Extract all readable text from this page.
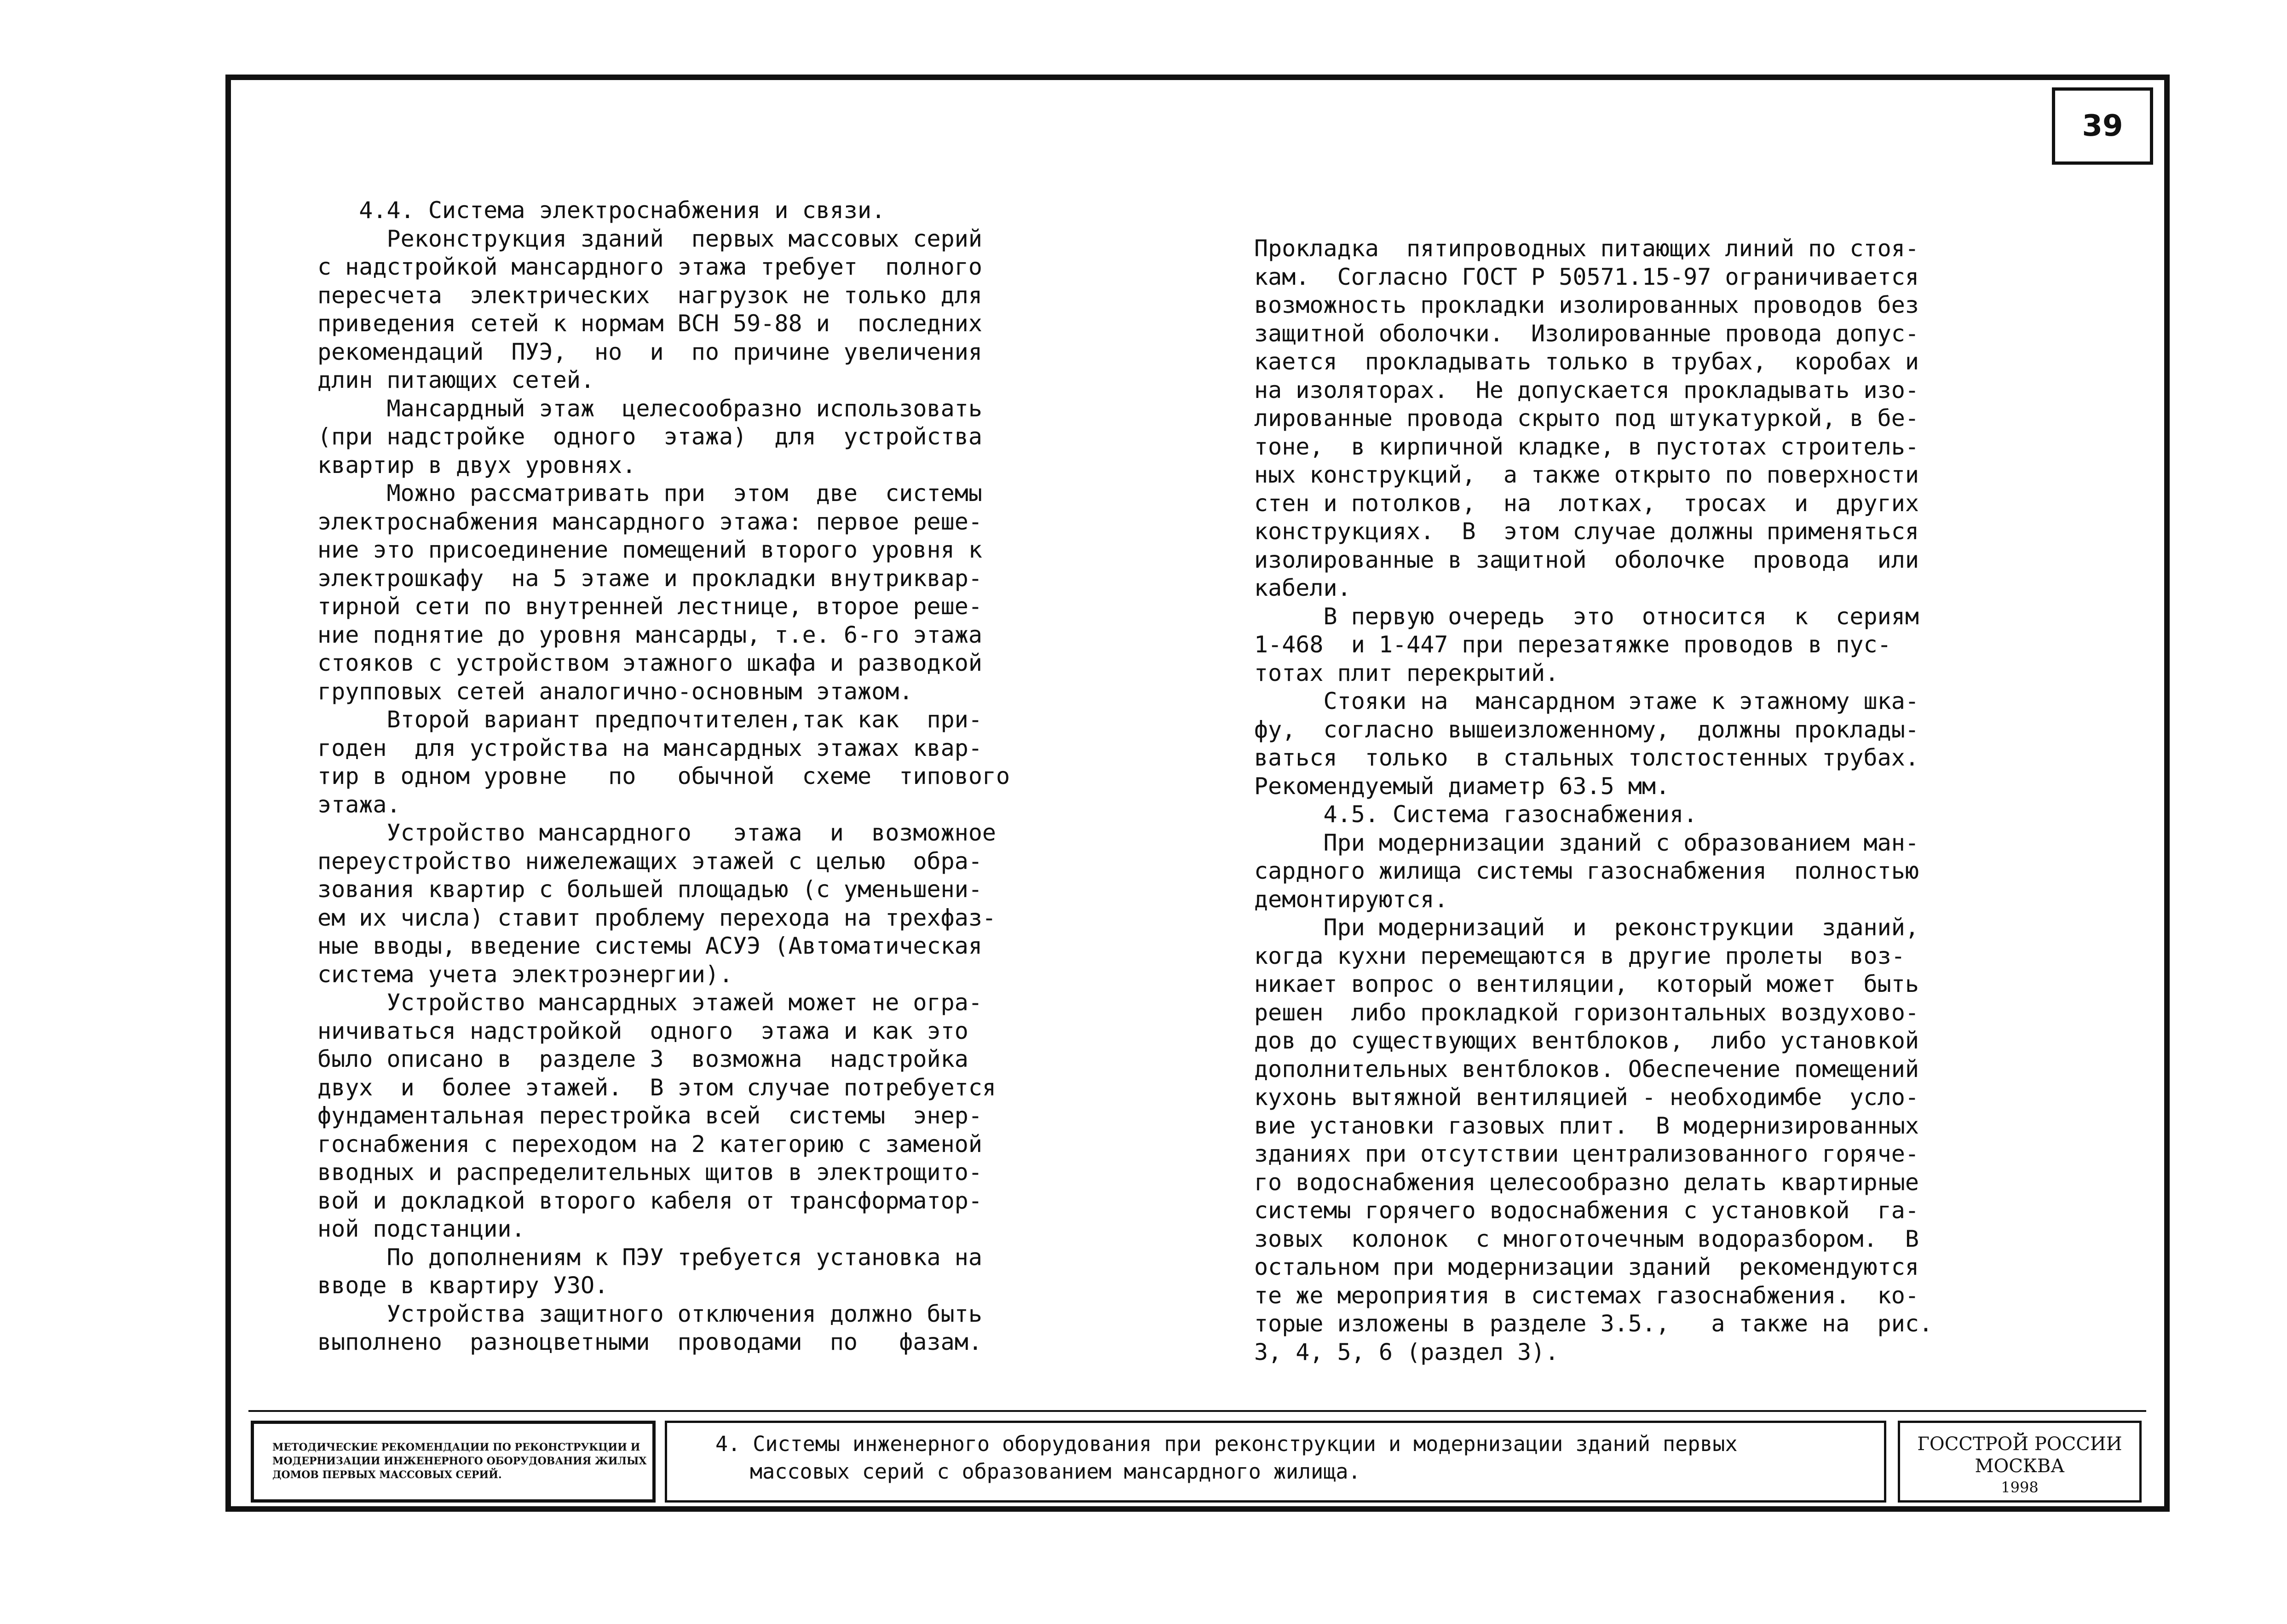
39
4.4. Система электроснабжения и связи.
Реконструкция зданий  первых массовых серий
с надстройкой мансардного этажа требует  полного
пересчета  электрических  нагрузок не только для
приведения сетей к нормам ВСН 59-88 и  последних
рекомендаций  ПУЭ,  но  и  по причине увеличения
длин питающих сетей.
Мансардный этаж  целесообразно использовать
(при надстройке  одного  этажа)  для  устройства
квартир в двух уровнях.
Можно рассматривать при  этом  две  системы
электроснабжения мансардного этажа: первое реше-
ние это присоединение помещений второго уровня к
электрошкафу  на 5 этаже и прокладки внутриквар-
тирной сети по внутренней лестнице, второе реше-
ние поднятие до уровня мансарды, т.е. 6-го этажа
стояков с устройством этажного шкафа и разводкой
групповых сетей аналогично-основным этажом.
Второй вариант предпочтителен,так как  при-
годен  для устройства на мансардных этажах квар-
тир в одном уровне   по   обычной  схеме  типового
этажа.
Устройство мансардного   этажа  и  возможное
переустройство нижележащих этажей с целью  обра-
зования квартир с большей площадью (с уменьшени-
ем их числа) ставит проблему перехода на трехфаз-
ные вводы, введение системы АСУЭ (Автоматическая
система учета электроэнергии).
Устройство мансардных этажей может не огра-
ничиваться надстройкой  одного  этажа и как это
было описано в  разделе 3  возможна  надстройка
двух  и  более этажей.  В этом случае потребуется
фундаментальная перестройка всей  системы  энер-
госнабжения с переходом на 2 категорию с заменой
вводных и распределительных щитов в электрощито-
вой и докладкой второго кабеля от трансформатор-
ной подстанции.
По дополнениям к ПЭУ требуется установка на
вводе в квартиру УЗО.
Устройства защитного отключения должно быть
выполнено  разноцветными  проводами  по   фазам.
Прокладка  пятипроводных питающих линий по стоя-
кам.  Согласно ГОСТ Р 50571.15-97 ограничивается
возможность прокладки изолированных проводов без
защитной оболочки.  Изолированные провода допус-
кается  прокладывать только в трубах,  коробах и
на изоляторах.  Не допускается прокладывать изо-
лированные провода скрыто под штукатуркой, в бе-
тоне,  в кирпичной кладке, в пустотах строитель-
ных конструкций,  а также открыто по поверхности
стен и потолков,  на  лотках,  тросах  и  других
конструкциях.  В  этом случае должны применяться
изолированные в защитной  оболочке  провода  или
кабели.
В первую очередь  это  относится  к  сериям
1-468  и 1-447 при перезатяжке проводов в пус-
тотах плит перекрытий.
Стояки на  мансардном этаже к этажному шка-
фу,  согласно вышеизложенному,  должны проклады-
ваться  только  в стальных толстостенных трубах.
Рекомендуемый диаметр 63.5 мм.
4.5. Система газоснабжения.
При модернизации зданий с образованием ман-
сардного жилища системы газоснабжения  полностью
демонтируются.
При модернизаций  и  реконструкции  зданий,
когда кухни перемещаются в другие пролеты  воз-
никает вопрос о вентиляции,  который может  быть
решен  либо прокладкой горизонтальных воздухово-
дов до существующих вентблоков,  либо установкой
дополнительных вентблоков. Обеспечение помещений
кухонь вытяжной вентиляцией - необходимбе  усло-
вие установки газовых плит.  В модернизированных
зданиях при отсутствии централизованного горяче-
го водоснабжения целесообразно делать квартирные
системы горячего водоснабжения с установкой  га-
зовых  колонок  с многоточечным водоразбором.  В
остальном при модернизации зданий  рекомендуются
те же мероприятия в системах газоснабжения.  ко-
торые изложены в разделе 3.5.,   а также на  рис.
3, 4, 5, 6 (раздел 3).
МЕТОДИЧЕСКИЕ РЕКОМЕНДАЦИИ ПО РЕКОНСТРУКЦИИ И
МОДЕРНИЗАЦИИ ИНЖЕНЕРНОГО ОБОРУДОВАНИЯ ЖИЛЫХ
ДОМОВ ПЕРВЫХ МАССОВЫХ СЕРИЙ.
4. Системы инженерного оборудования при реконструкции и модернизации зданий первых
массовых серий с образованием мансардного жилища.
ГОССТРОЙ РОССИИ
МОСКВА
1998
